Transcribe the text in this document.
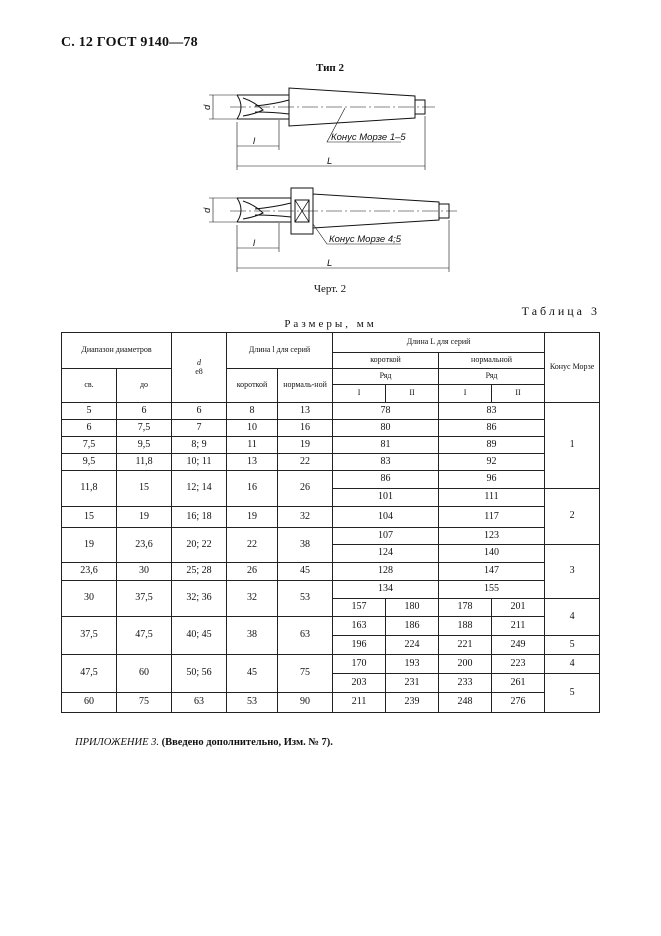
С. 12 ГОСТ 9140—78
Тип 2
d
l
L
Конус Морзе 1–5
d
l
L
Конус Морзе 4;5
Черт. 2
Таблица 3
Размеры, мм
Диапазон диаметров		d
e8	Длина l для серий		Длина L для серий				Конус Морзе
					короткой		нормальной		
св.	до		короткой	нормаль-ной	Ряд		Ряд		
					I	II	I	II	
5	6	6	8	13	78		83		1
6	7,5	7	10	16	80		86		
7,5	9,5	8; 9	11	19	81		89		
9,5	11,8	10; 11	13	22	83		92		
11,8	15	12; 14	16	26	86		96		
					101		111		2
15	19	16; 18	19	32	104		117		
19	23,6	20; 22	22	38	107		123		
					124		140		3
23,6	30	25; 28	26	45	128		147		
30	37,5	32; 36	32	53	134		155		
					157	180	178	201	4
37,5	47,5	40; 45	38	63	163	186	188	211	
					196	224	221	249	5
47,5	60	50; 56	45	75	170	193	200	223	4
					203	231	233	261	5
60	75	63	53	90	211	239	248	276	
ПРИЛОЖЕНИЕ 3. (Введено дополнительно, Изм. № 7).
